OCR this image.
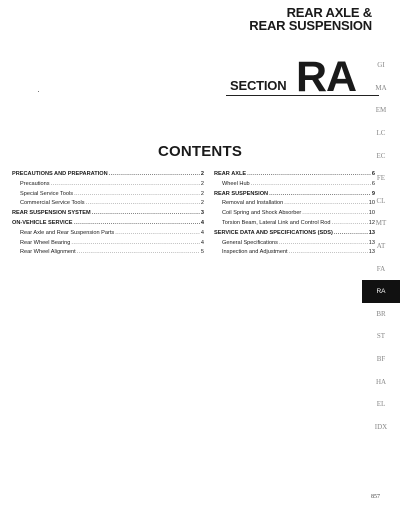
REAR AXLE &
REAR SUSPENSION
SECTION RA
CONTENTS
PRECAUTIONS AND PREPARATION .....	2
Precautions .....	2
Special Service Tools .....	2
Commercial Service Tools .....	2
REAR SUSPENSION SYSTEM .....	3
ON-VEHICLE SERVICE .....	4
Rear Axle and Rear Suspension Parts .....	4
Rear Wheel Bearing .....	4
Rear Wheel Alignment .....	5
REAR AXLE .....	6
Wheel Hub .....	6
REAR SUSPENSION .....	9
Removal and Installation .....	10
Coil Spring and Shock Absorber .....	10
Torsion Beam, Lateral Link and Control Rod .....	12
SERVICE DATA AND SPECIFICATIONS (SDS) .....	13
General Specifications .....	13
Inspection and Adjustment .....	13
GI
MA
EM
LC
EC
FE
CL
MT
AT
FA
RA
BR
ST
BF
HA
EL
IDX
857
